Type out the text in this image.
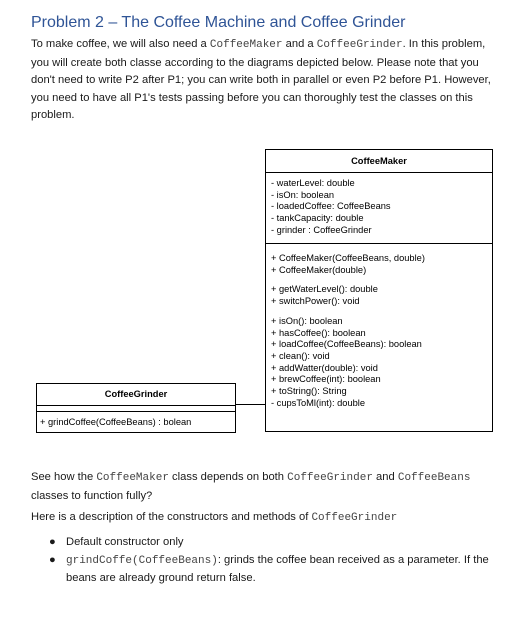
Problem 2 – The Coffee Machine and Coffee Grinder

To make coffee, we will also need a CoffeeMaker and a CoffeeGrinder. In this problem, you will create both classe according to the diagrams depicted below. Please note that you don't need to write P2 after P1; you can write both in parallel or even P2 before P1. However, you need to have all P1's tests passing before you can thoroughly test the classes on this problem.

CoffeeMaker
- waterLevel: double
- isOn: boolean
- loadedCoffee: CoffeeBeans
- tankCapacity: double
- grinder : CoffeeGrinder
+ CoffeeMaker(CoffeeBeans, double)
+ CoffeeMaker(double)
+ getWaterLevel(): double
+ switchPower(): void
+ isOn(): boolean
+ hasCoffee(): boolean
+ loadCoffee(CoffeeBeans): boolean
+ clean(): void
+ addWatter(double): void
+ brewCoffee(int): boolean
+ toString(): String
- cupsToMl(int): double
CoffeeGrinder
+ grindCoffee(CoffeeBeans) : bolean

See how the CoffeeMaker class depends on both CoffeeGrinder and CoffeeBeans classes to function fully?

Here is a description of the constructors and methods of CoffeeGrinder

● Default constructor only
● grindCoffe(CoffeeBeans): grinds the coffee bean received as a parameter. If the beans are already ground return false.
